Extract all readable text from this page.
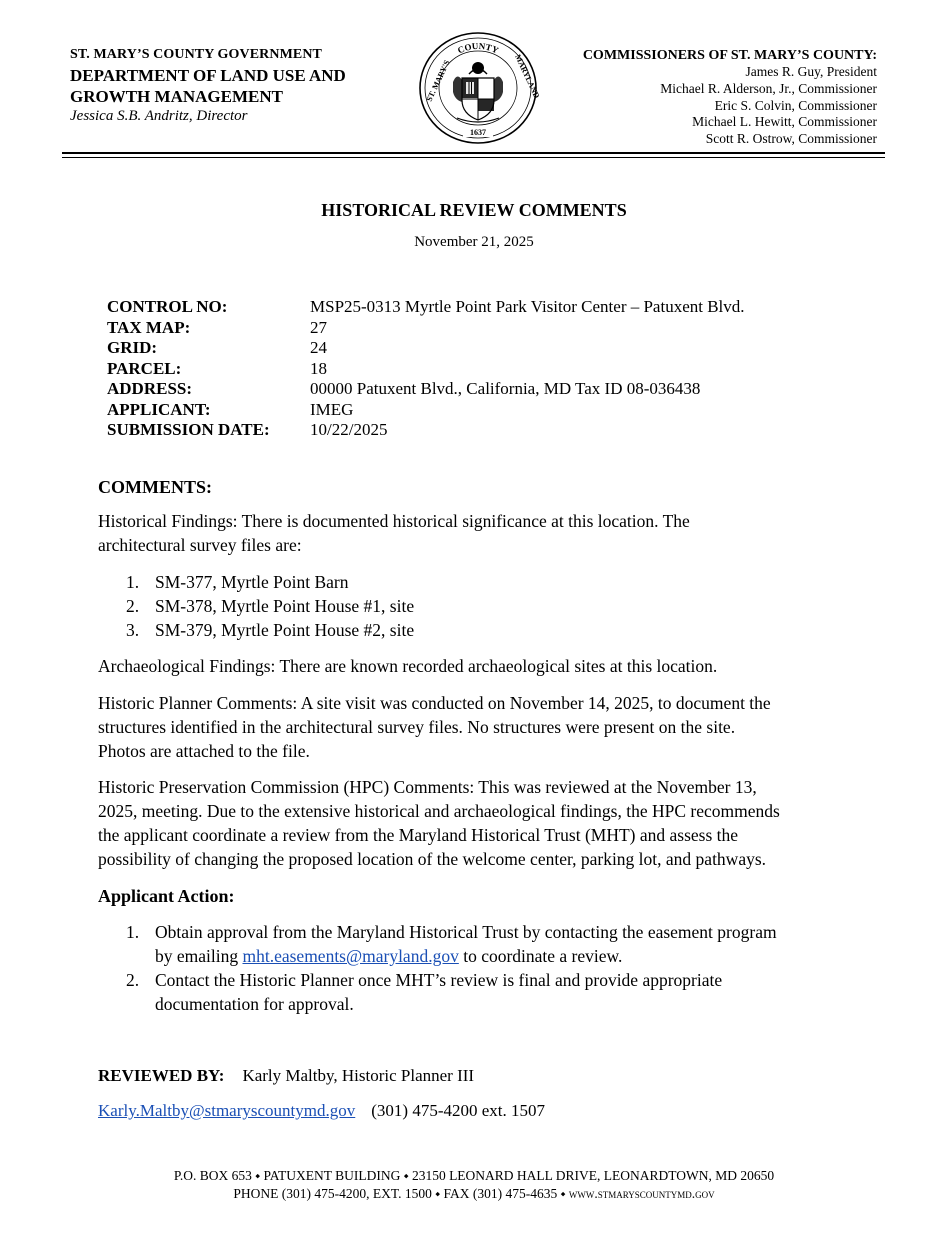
ST. MARY’S COUNTY GOVERNMENT
DEPARTMENT OF LAND USE AND
GROWTH MANAGEMENT
Jessica S.B. Andritz, Director
COUNTY
ST. MARY'S	MARYLAND
1637
COMMISSIONERS OF ST. MARY’S COUNTY:
James R. Guy, President
Michael R. Alderson, Jr., Commissioner
Eric S. Colvin, Commissioner
Michael L. Hewitt, Commissioner
Scott R. Ostrow, Commissioner
HISTORICAL REVIEW COMMENTS
November 21, 2025
CONTROL NO:	MSP25-0313 Myrtle Point Park Visitor Center – Patuxent Blvd.
TAX MAP:	27
GRID:	24
PARCEL:	18
ADDRESS:	00000 Patuxent Blvd., California, MD Tax ID 08-036438
APPLICANT:	IMEG
SUBMISSION DATE:	10/22/2025
COMMENTS:
Historical Findings: There is documented historical significance at this location. The
architectural survey files are:
1. SM-377, Myrtle Point Barn
2. SM-378, Myrtle Point House #1, site
3. SM-379, Myrtle Point House #2, site
Archaeological Findings: There are known recorded archaeological sites at this location.
Historic Planner Comments: A site visit was conducted on November 14, 2025, to document the
structures identified in the architectural survey files. No structures were present on the site.
Photos are attached to the file.
Historic Preservation Commission (HPC) Comments: This was reviewed at the November 13,
2025, meeting. Due to the extensive historical and archaeological findings, the HPC recommends
the applicant coordinate a review from the Maryland Historical Trust (MHT) and assess the
possibility of changing the proposed location of the welcome center, parking lot, and pathways.
Applicant Action:
1. Obtain approval from the Maryland Historical Trust by contacting the easement program
by emailing mht.easements@maryland.gov to coordinate a review.
2. Contact the Historic Planner once MHT’s review is final and provide appropriate
documentation for approval.
REVIEWED BY: Karly Maltby, Historic Planner III
Karly.Maltby@stmaryscountymd.gov (301) 475-4200 ext. 1507
P.O. BOX 653 ⬩ PATUXENT BUILDING ⬩ 23150 LEONARD HALL DRIVE, LEONARDTOWN, MD 20650
PHONE (301) 475-4200, EXT. 1500 ⬩ FAX (301) 475-4635 ⬩ www.stmaryscountymd.gov
